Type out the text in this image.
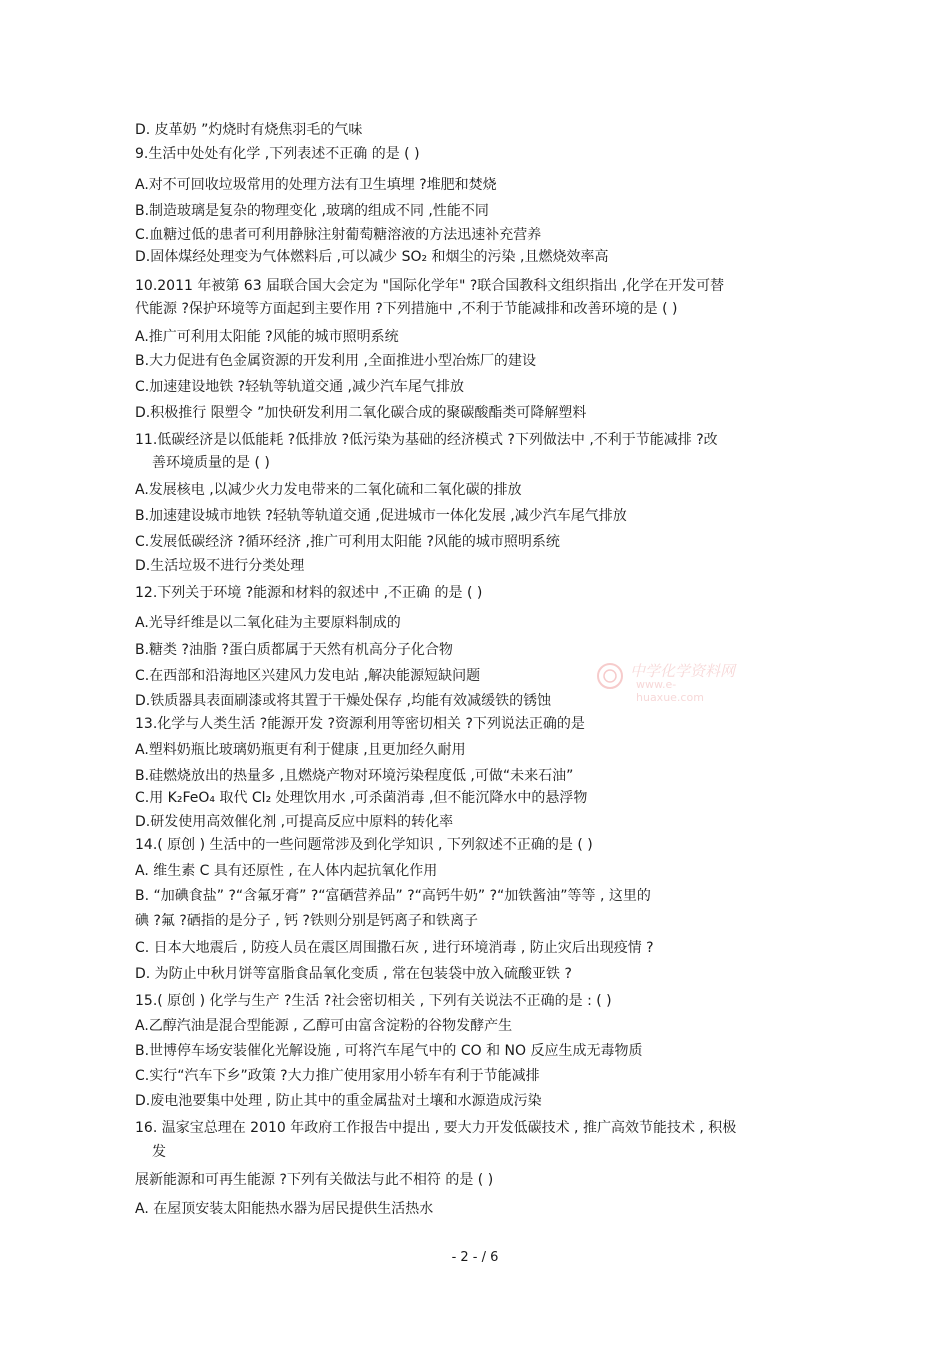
D. 皮革奶 ”灼烧时有烧焦羽毛的气味
9.生活中处处有化学 ,下列表述不正确 的是 ( )
A.对不可回收垃圾常用的处理方法有卫生填埋 ?堆肥和焚烧
B.制造玻璃是复杂的物理变化 ,玻璃的组成不同 ,性能不同
C.血糖过低的患者可利用静脉注射葡萄糖溶液的方法迅速补充营养
D.固体煤经处理变为气体燃料后 ,可以减少 SO₂ 和烟尘的污染 ,且燃烧效率高
10.2011 年被第 63 届联合国大会定为 "国际化学年" ?联合国教科文组织指出 ,化学在开发可替
代能源 ?保护环境等方面起到主要作用 ?下列措施中 ,不利于节能减排和改善环境的是 ( )
A.推广可利用太阳能 ?风能的城市照明系统
B.大力促进有色金属资源的开发利用 ,全面推进小型冶炼厂的建设
C.加速建设地铁 ?轻轨等轨道交通 ,减少汽车尾气排放
D.积极推行 限塑令 ”加快研发利用二氧化碳合成的聚碳酸酯类可降解塑料
11.低碳经济是以低能耗 ?低排放 ?低污染为基础的经济模式 ?下列做法中 ,不利于节能减排 ?改
善环境质量的是 ( )
A.发展核电 ,以减少火力发电带来的二氧化硫和二氧化碳的排放
B.加速建设城市地铁 ?轻轨等轨道交通 ,促进城市一体化发展 ,减少汽车尾气排放
C.发展低碳经济 ?循环经济 ,推广可利用太阳能 ?风能的城市照明系统
D.生活垃圾不进行分类处理
12.下列关于环境 ?能源和材料的叙述中 ,不正确 的是 ( )
A.光导纤维是以二氧化硅为主要原料制成的
B.糖类 ?油脂 ?蛋白质都属于天然有机高分子化合物
C.在西部和沿海地区兴建风力发电站 ,解决能源短缺问题
D.铁质器具表面刷漆或将其置于干燥处保存 ,均能有效减缓铁的锈蚀
13.化学与人类生活 ?能源开发 ?资源利用等密切相关 ?下列说法正确的是
A.塑料奶瓶比玻璃奶瓶更有利于健康 ,且更加经久耐用
B.硅燃烧放出的热量多 ,且燃烧产物对环境污染程度低 ,可做“未来石油”
C.用 K₂FeO₄ 取代 Cl₂ 处理饮用水 ,可杀菌消毒 ,但不能沉降水中的悬浮物
D.研发使用高效催化剂 ,可提高反应中原料的转化率
14.( 原创 ) 生活中的一些问题常涉及到化学知识 , 下列叙述不正确的是 ( )
A. 维生素 C 具有还原性 , 在人体内起抗氧化作用
B. “加碘食盐” ?“含氟牙膏” ?“富硒营养品” ?“高钙牛奶” ?“加铁酱油”等等 , 这里的
碘 ?氟 ?硒指的是分子 , 钙 ?铁则分别是钙离子和铁离子
C. 日本大地震后 , 防疫人员在震区周围撒石灰 , 进行环境消毒 , 防止灾后出现疫情 ?
D. 为防止中秋月饼等富脂食品氧化变质 , 常在包装袋中放入硫酸亚铁 ?
15.( 原创 ) 化学与生产 ?生活 ?社会密切相关 , 下列有关说法不正确的是 : ( )
A.乙醇汽油是混合型能源 , 乙醇可由富含淀粉的谷物发酵产生
B.世博停车场安装催化光解设施 , 可将汽车尾气中的 CO 和 NO 反应生成无毒物质
C.实行“汽车下乡”政策 ?大力推广使用家用小轿车有利于节能减排
D.废电池要集中处理 , 防止其中的重金属盐对土壤和水源造成污染
16. 温家宝总理在 2010 年政府工作报告中提出 , 要大力开发低碳技术 , 推广高效节能技术 , 积极
发
展新能源和可再生能源 ?下列有关做法与此不相符 的是 ( )
A. 在屋顶安装太阳能热水器为居民提供生活热水
- 2 - / 6
中学化学资料网
www.e-huaxue.com
